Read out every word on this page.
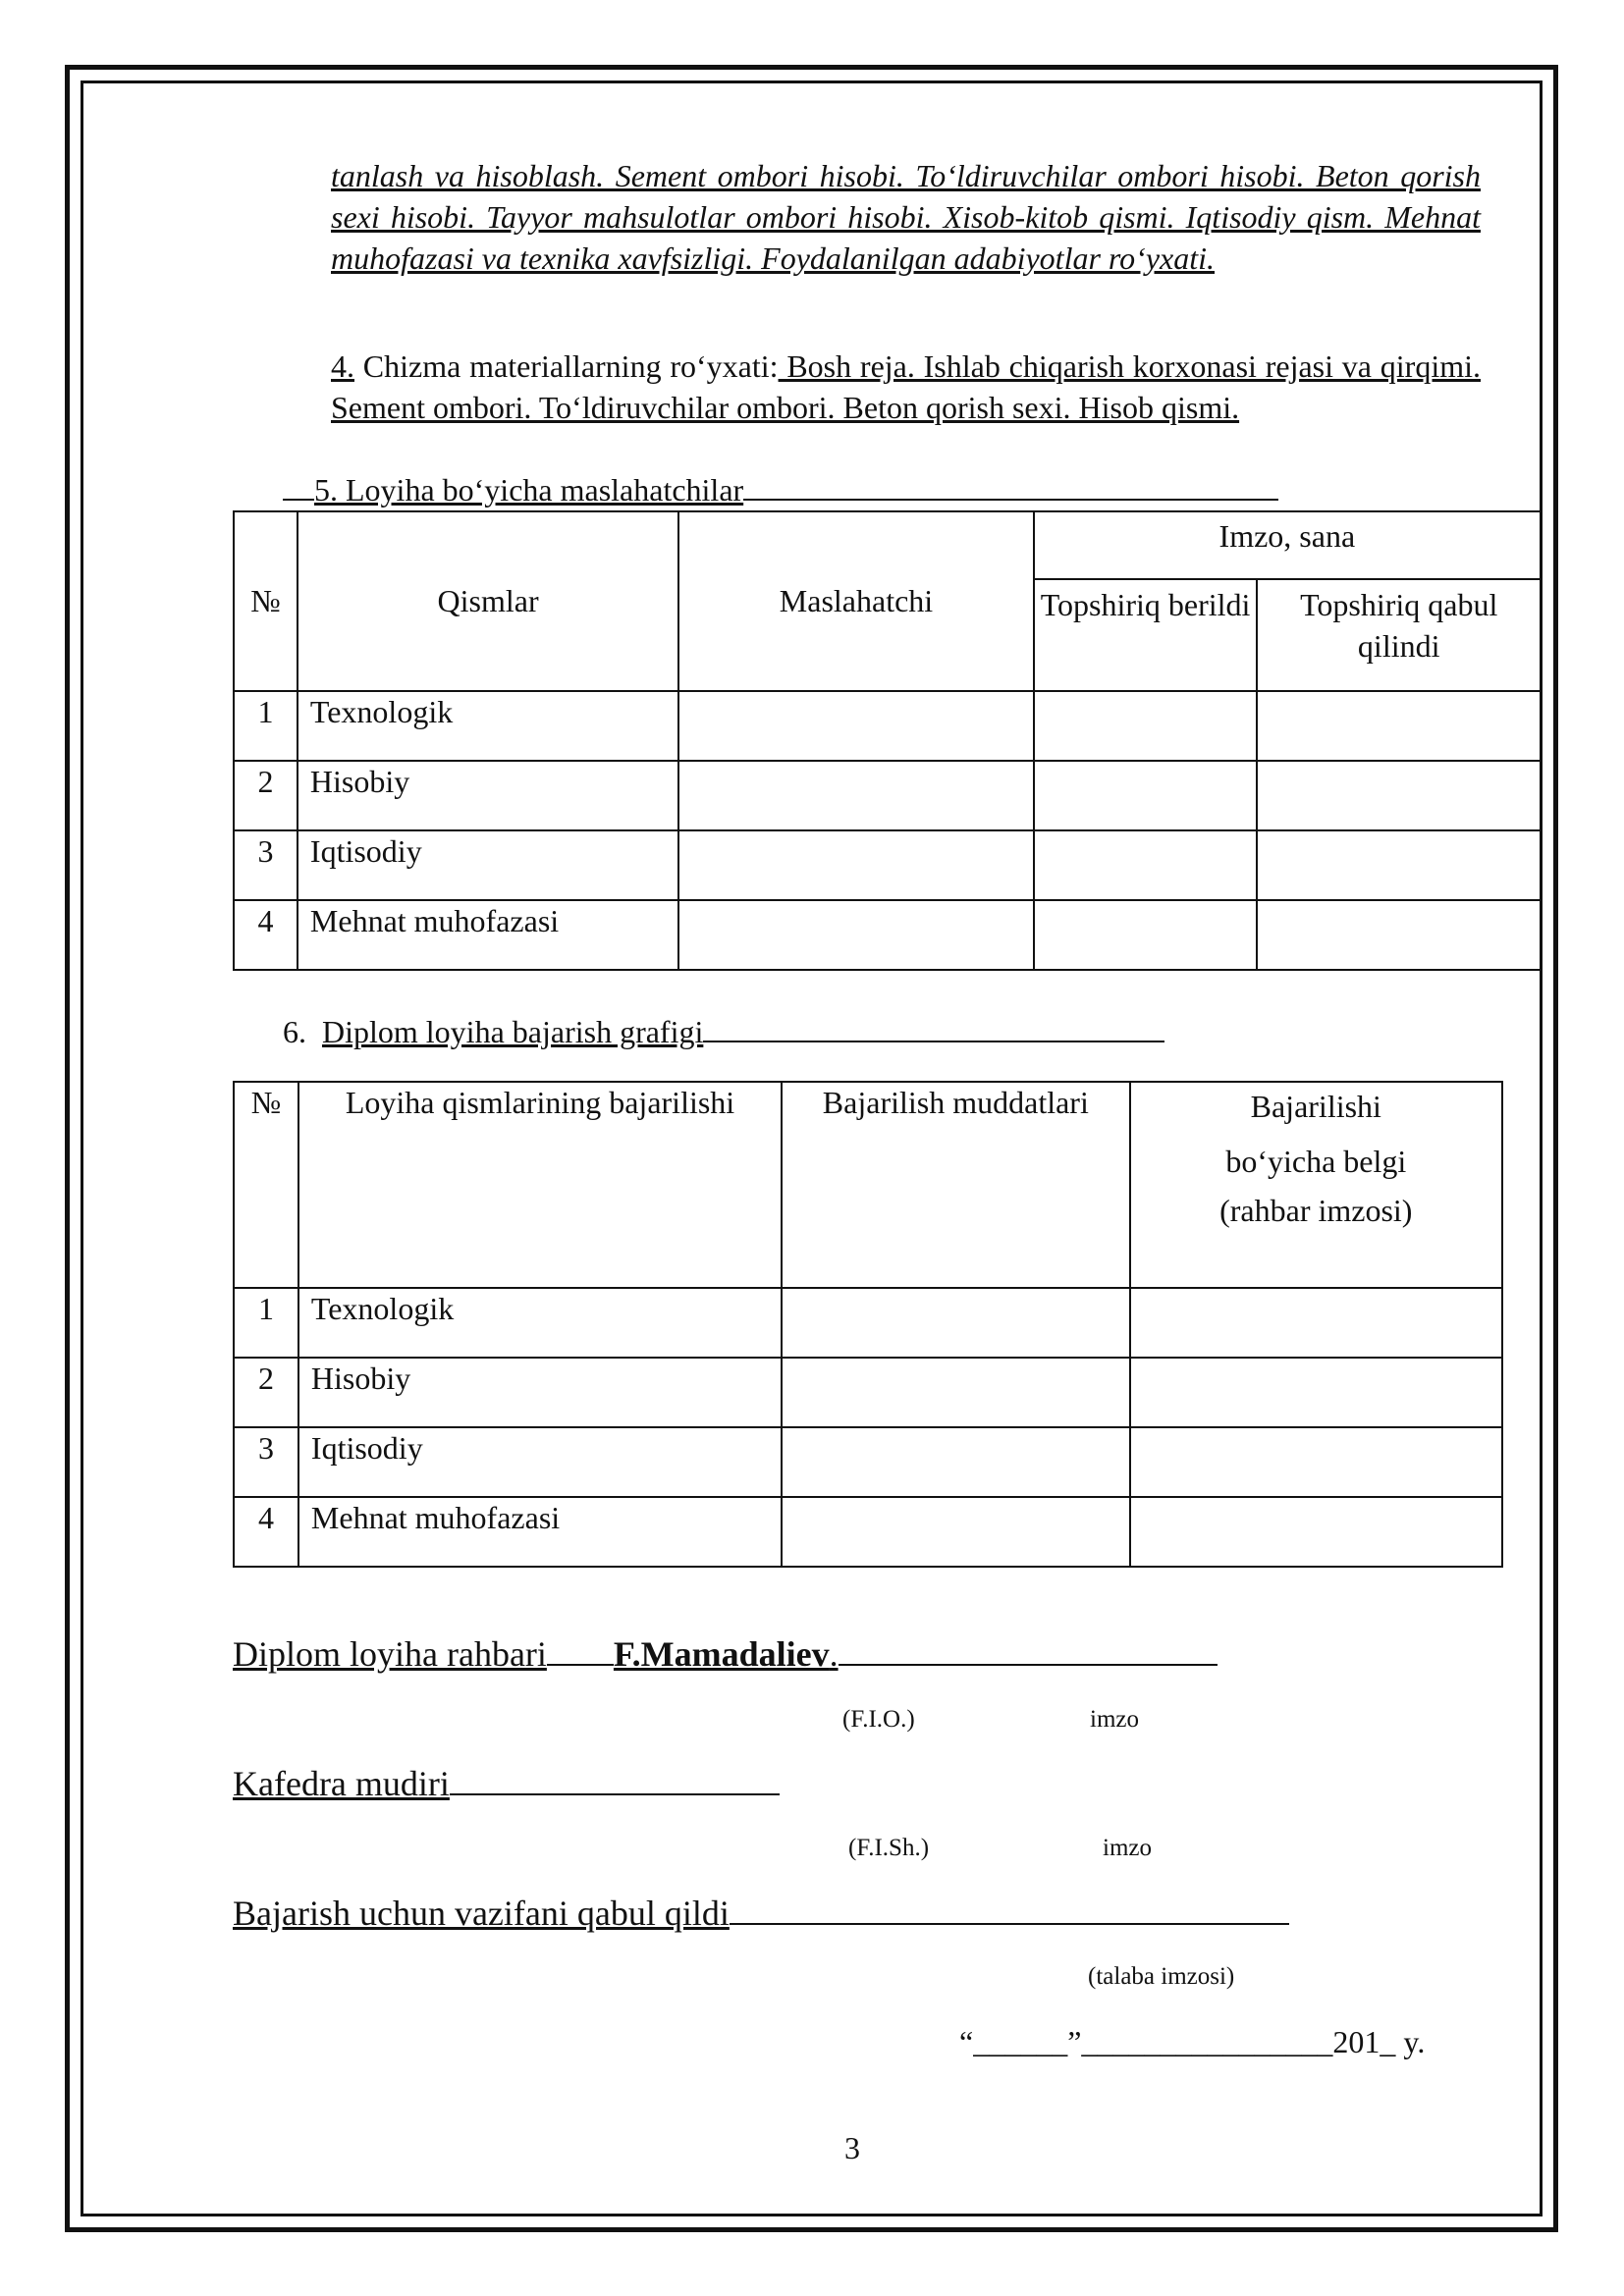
tanlash va hisoblash. Sement ombori hisobi. To‘ldiruvchilar ombori hisobi. Beton qorish sexi hisobi. Tayyor mahsulotlar ombori hisobi. Xisob-kitob qismi. Iqtisodiy qism. Mehnat muhofazasi va texnika xavfsizligi. Foydalanilgan adabiyotlar ro‘yxati.

4. Chizma materiallarning ro‘yxati: Bosh reja. Ishlab chiqarish korxonasi rejasi va qirqimi. Sement ombori. To‘ldiruvchilar ombori. Beton qorish sexi. Hisob qismi.

5. Loyiha bo‘yicha maslahatchilar
№	Qismlar	Maslahatchi	Imzo, sana	
			Topshiriq berildi	Topshiriq qabul qilindi
1	Texnologik			
2	Hisobiy			
3	Iqtisodiy			
4	Mehnat muhofazasi			
6. Diplom loyiha bajarish grafigi
№	Loyiha qismlarining bajarilishi	Bajarilish muddatlari	Bajarilishi
bo‘yicha belgi
(rahbar imzosi)

1	Texnologik		
2	Hisobiy		
3	Iqtisodiy		
4	Mehnat muhofazasi		
Diplom loyiha rahbari F.Mamadaliev.
(F.I.O.)	imzo
Kafedra mudiri
(F.I.Sh.)	imzo
Bajarish uchun vazifani qabul qildi
(talaba imzosi)
“______”________________201_ y.
3
